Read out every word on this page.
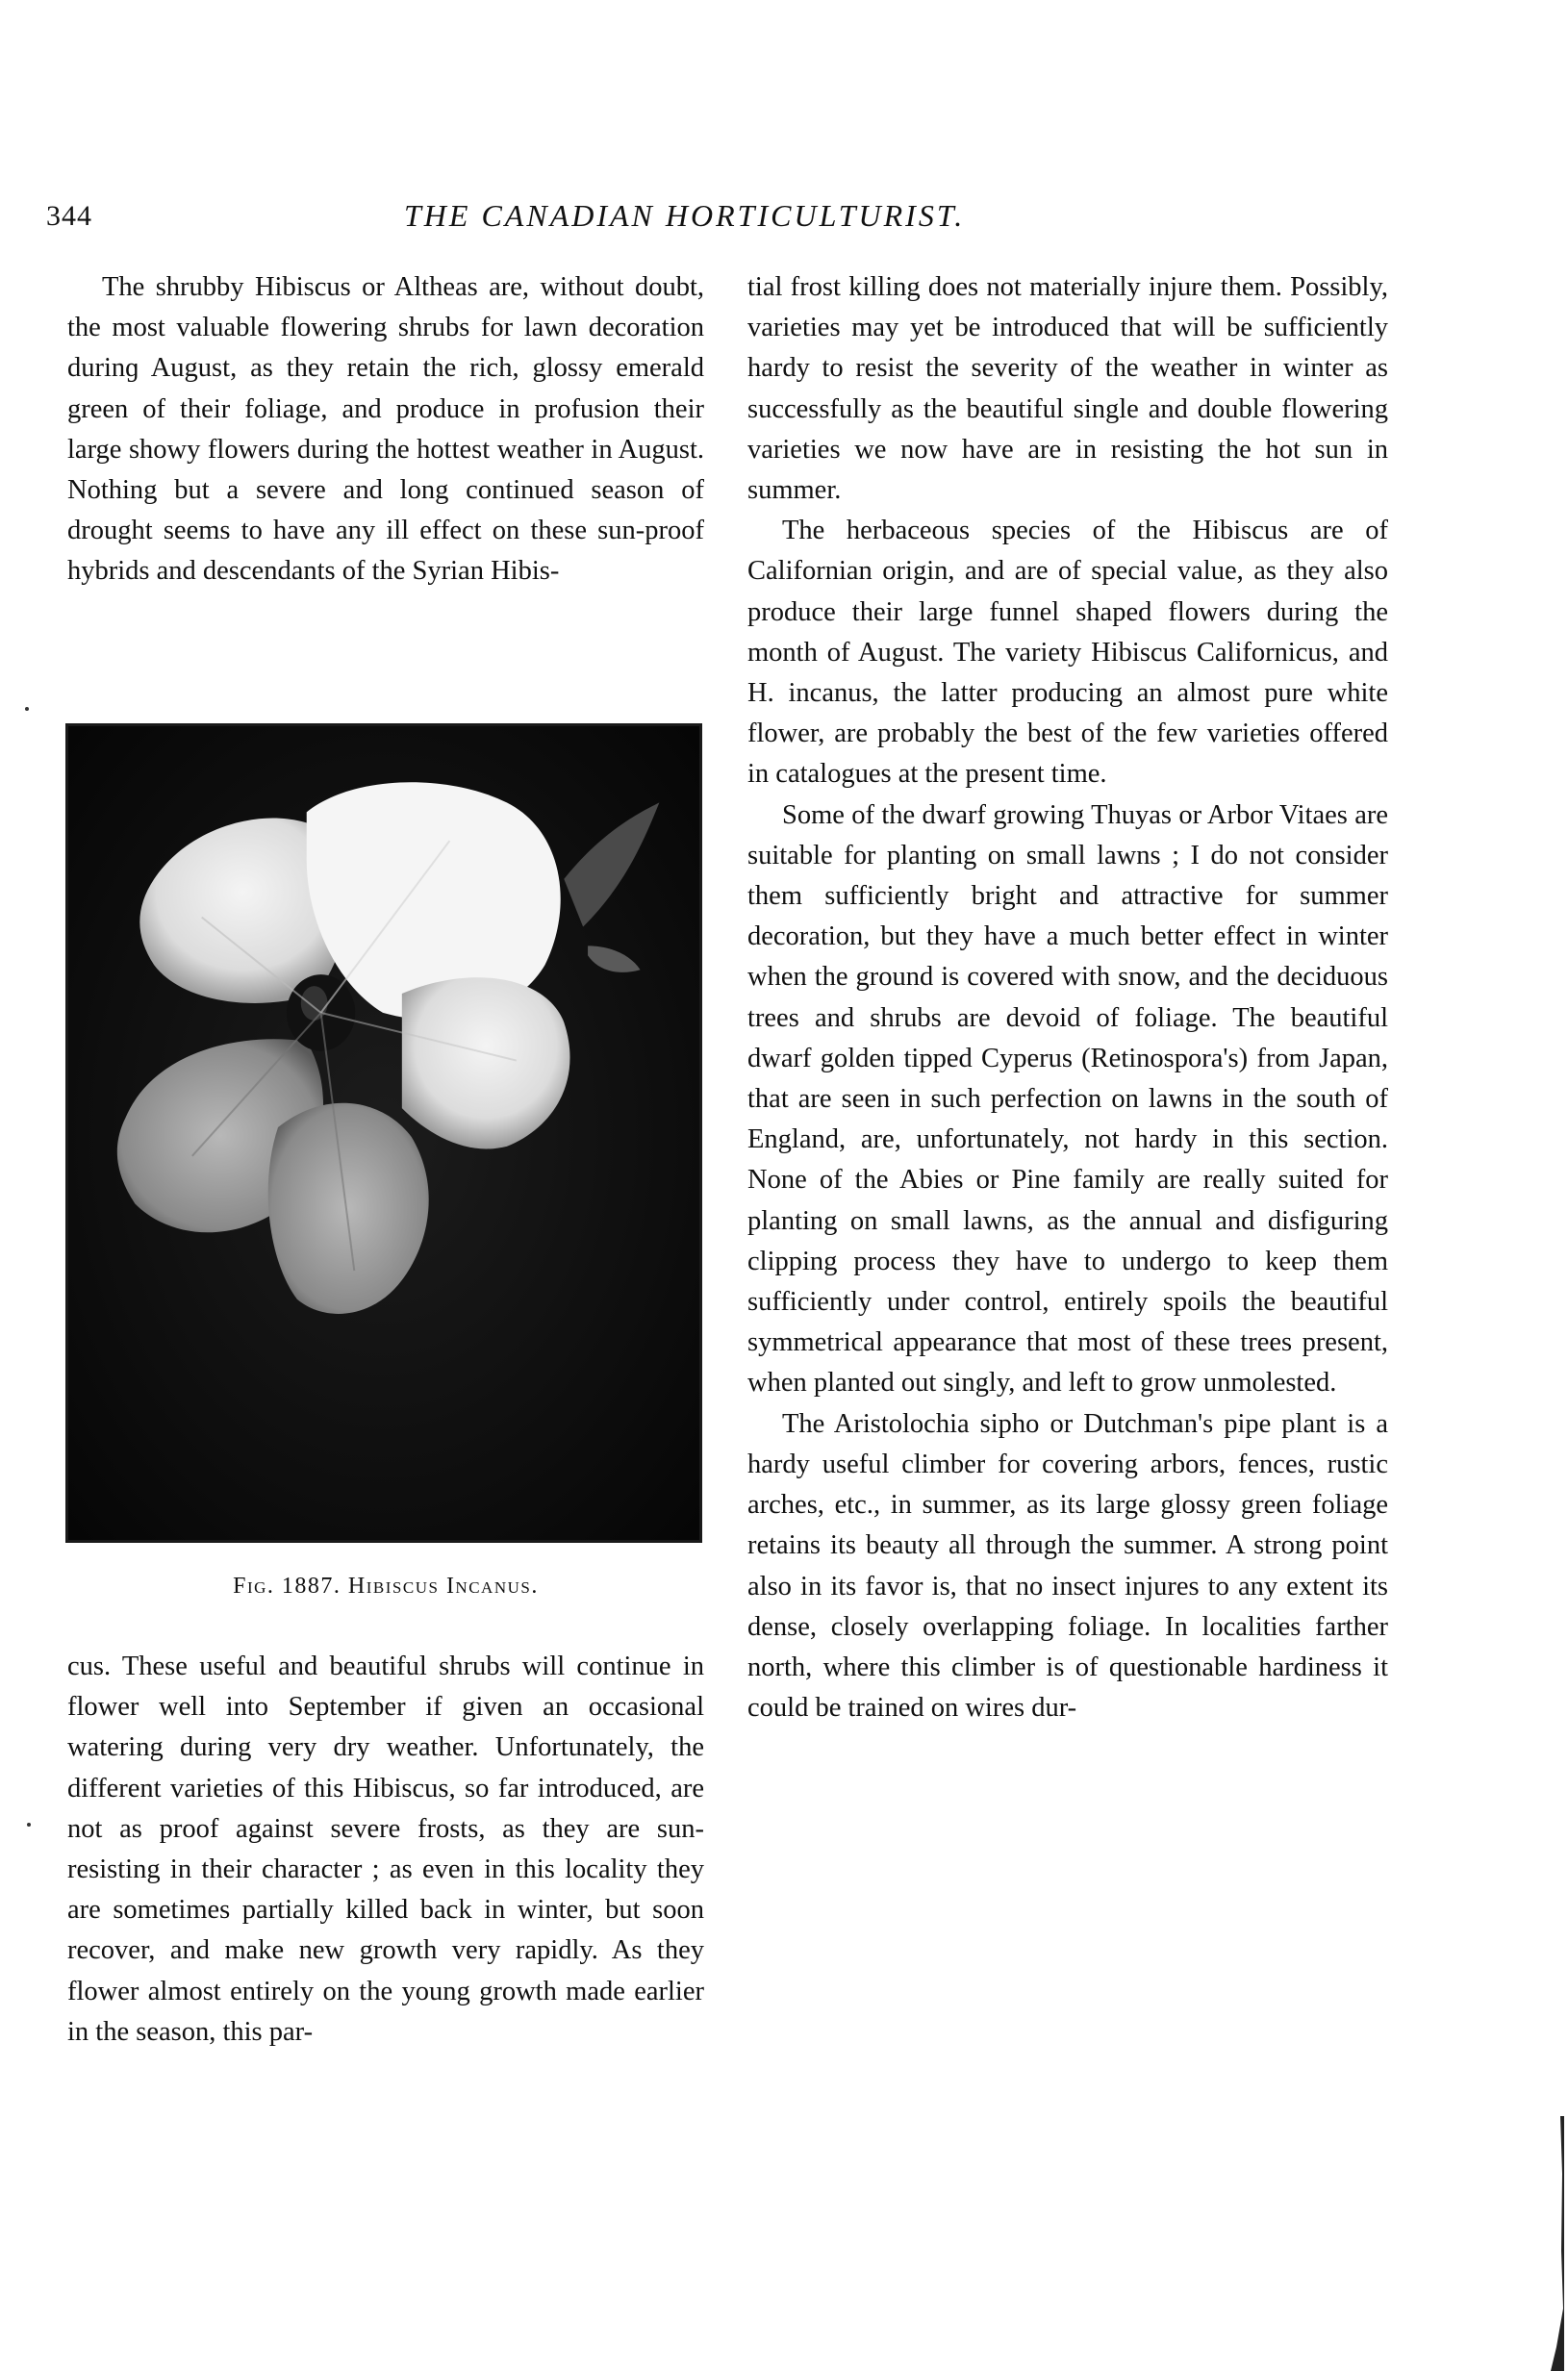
344	THE CANADIAN HORTICULTURIST.

The shrubby Hibiscus or Altheas are, without doubt, the most valuable flowering shrubs for lawn decoration durinɡ August, as they retain the rich, glossy emerald green of their foliage, and produce in profusion their large showy flowers during the hottest weather in August. Nothing but a severe and long continued season of drought seems to have any ill effect on these sun-proof hybrids and descendants of the Syrian Hibis-

Fig. 1887. Hibiscus Incanus.

cus. These useful and beautiful shrubs will continue in flower well into September if given an occasional watering during very dry weather. Unfortunately, the different varieties of this Hibiscus, so far introduced, are not as proof against severe frosts, as they are sun-resisting in their character ; as even in this locality they are sometimes partially killed back in winter, but soon recover, and make new growth very rapidly. As they flower almost entirely on the young growth made earlier in the season, this par-

tial frost killing does not materially injure them. Possibly, varieties may yet be introduced that will be sufficiently hardy to resist the severity of the weather in winter as successfully as the beautiful single and double flowering varieties we now have are in resisting the hot sun in summer.

The herbaceous species of the Hibiscus are of Californian origin, and are of special value, as they also produce their large funnel shaped flowers during the month of August. The variety Hibiscus Californicus, and H. incanus, the latter producing an almost pure white flower, are probably the best of the few varieties offered in catalogues at the present time.

Some of the dwarf growing Thuyas or Arbor Vitaes are suitable for planting on small lawns ; I do not consider them sufficiently bright and attractive for summer decoration, but they have a much better effect in winter when the ground is covered with snow, and the deciduous trees and shrubs are devoid of foliage. The beautiful dwarf golden tipped Cyperus (Retinospora's) from Japan, that are seen in such perfection on lawns in the south of England, are, unfortunately, not hardy in this section. None of the Abies or Pine family are really suited for planting on small lawns, as the annual and disfiguring clipping process they have to undergo to keep them sufficiently under control, entirely spoils the beautiful symmetrical appearance that most of these trees present, when planted out singly, and left to grow unmolested.

The Aristolochia sipho or Dutchman's pipe plant is a hardy useful climber for covering arbors, fences, rustic arches, etc., in summer, as its large glossy green foliage retains its beauty all through the summer. A strong point also in its favor is, that no insect injures to any extent its dense, closely overlapping foliage. In localities farther north, where this climber is of questionable hardiness it could be trained on wires dur-
